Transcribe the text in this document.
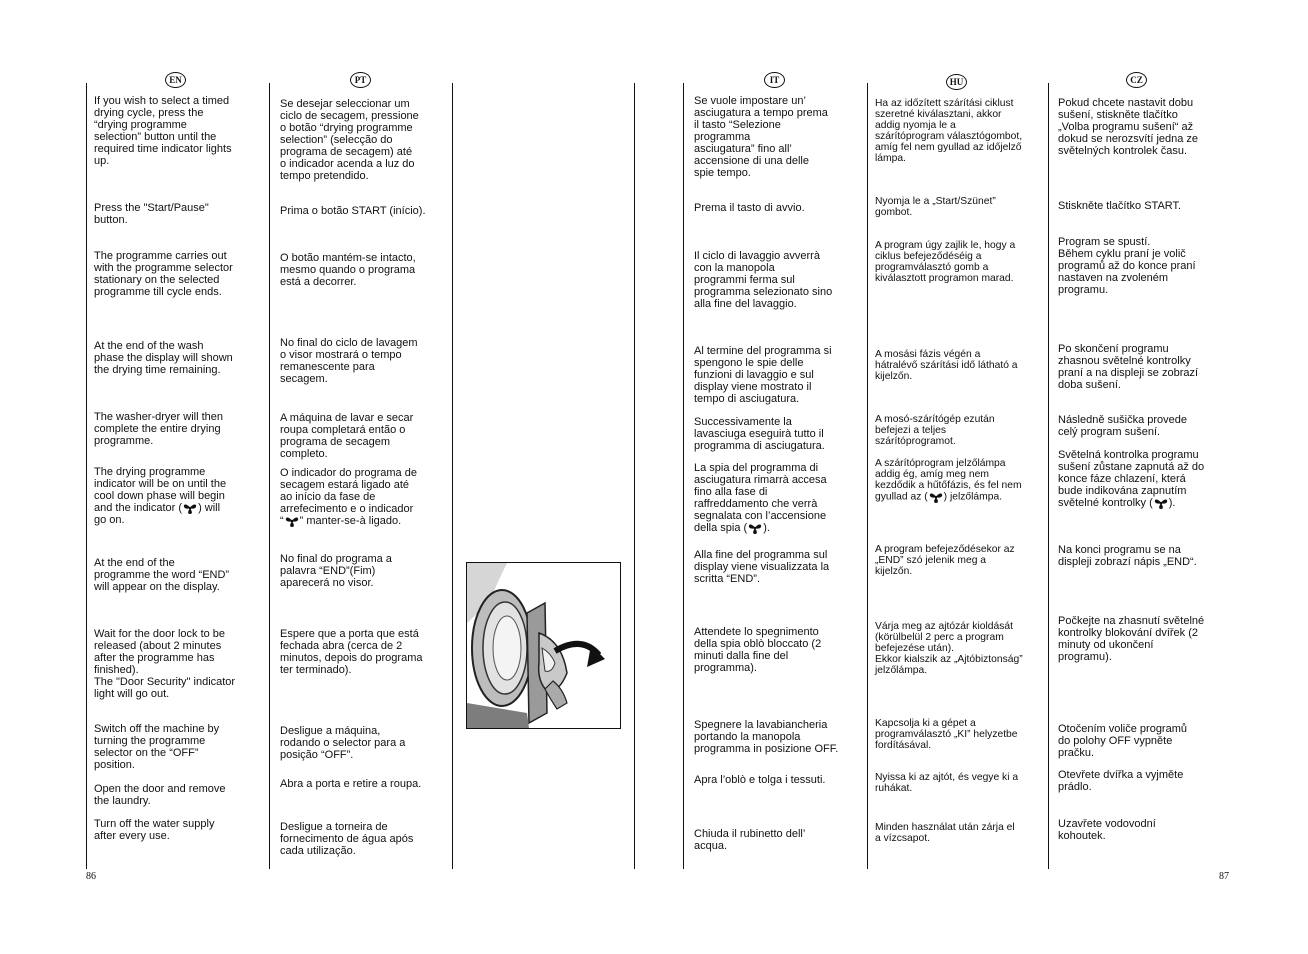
EN	PT	IT	HU	CZ

If you wish to select a timed
drying cycle, press the
“drying programme
selection” button until the
required time indicator lights
up.

Press the "Start/Pause"
button.

The programme carries out
with the programme selector
stationary on the selected
programme till cycle ends.

At the end of the wash
phase the display will shown
the drying time remaining.

The washer-dryer will then
complete the entire drying
programme.

The drying programme
indicator will be on until the
cool down phase will begin
and the indicator ( ) will
go on.

At the end of the
programme the word “END”
will appear on the display.

Wait for the door lock to be
released (about 2 minutes
after the programme has
finished).
The "Door Security" indicator
light will go out.

Switch off the machine by
turning the programme
selector on the “OFF”
position.

Open the door and remove
the laundry.

Turn off the water supply
after every use.

Se desejar seleccionar um
ciclo de secagem, pressione
o botão “drying programme
selection” (selecção do
programa de secagem) até
o indicador acenda a luz do
tempo pretendido.

Prima o botão START (início).

O botão mantém-se intacto,
mesmo quando o programa
está a decorrer.

No final do ciclo de lavagem
o visor mostrará o tempo
remanescente para
secagem.

A máquina de lavar e secar
roupa completará então o
programa de secagem
completo.

O indicador do programa de
secagem estará ligado até
ao início da fase de
arrefecimento e o indicador
“ ” manter-se-à ligado.

No final do programa a
palavra “END”(Fim)
aparecerá no visor.

Espere que a porta que está
fechada abra (cerca de 2
minutos, depois do programa
ter terminado).

Desligue a máquina,
rodando o selector para a
posição “OFF”.

Abra a porta e retire a roupa.

Desligue a torneira de
fornecimento de água após
cada utilização.

Se vuole impostare un’
asciugatura a tempo prema
il tasto “Selezione
programma
asciugatura” fino all’
accensione di una delle
spie tempo.

Prema il tasto di avvio.

Il ciclo di lavaggio avverrà
con la manopola
programmi ferma sul
programma selezionato sino
alla fine del lavaggio.

Al termine del programma si
spengono le spie delle
funzioni di lavaggio e sul
display viene mostrato il
tempo di asciugatura.

Successivamente la
lavasciuga eseguirà tutto il
programma di asciugatura.

La spia del programma di
asciugatura rimarrà accesa
fino alla fase di
raffreddamento che verrà
segnalata con l’accensione
della spia ( ).

Alla fine del programma sul
display viene visualizzata la
scritta “END”.

Attendete lo spegnimento
della spia oblò bloccato (2
minuti dalla fine del
programma).

Spegnere la lavabiancheria
portando la manopola
programma in posizione OFF.

Apra l’oblò e tolga i tessuti.

Chiuda il rubinetto dell’
acqua.

Ha az időzített szárítási ciklust
szeretné kiválasztani, akkor
addig nyomja le a
szárítóprogram választógombot,
amíg fel nem gyullad az időjelző
lámpa.

Nyomja le a „Start/Szünet”
gombot.

A program úgy zajlik le, hogy a
ciklus befejeződéséig a
programválasztó gomb a
kiválasztott programon marad.

A mosási fázis végén a
hátralévő szárítási idő látható a
kijelzőn.

A mosó-szárítógép ezután
befejezi a teljes
szárítóprogramot.

A szárítóprogram jelzőlámpa
addig ég, amíg meg nem
kezdődik a hűtőfázis, és fel nem
gyullad az ( ) jelzőlámpa.

A program befejeződésekor az
„END” szó jelenik meg a
kijelzőn.

Várja meg az ajtózár kioldását
(körülbelül 2 perc a program
befejezése után).
Ekkor kialszik az „Ajtóbiztonság”
jelzőlámpa.

Kapcsolja ki a gépet a
programválasztó „KI” helyzetbe
fordításával.

Nyissa ki az ajtót, és vegye ki a
ruhákat.

Minden használat után zárja el
a vízcsapot.

Pokud chcete nastavit dobu
sušení, stiskněte tlačítko
„Volba programu sušení“ až
dokud se nerozsvítí jedna ze
světelných kontrolek času.

Stiskněte tlačítko START.

Program se spustí.
Během cyklu praní je volič
programů až do konce praní
nastaven na zvoleném
programu.

Po skončení programu
zhasnou světelné kontrolky
praní a na displeji se zobrazí
doba sušení.

Následně sušička provede
celý program sušení.

Světelná kontrolka programu
sušení zůstane zapnutá až do
konce fáze chlazení, která
bude indikována zapnutím
světelné kontrolky ( ).

Na konci programu se na
displeji zobrazí nápis „END“.

Počkejte na zhasnutí světelné
kontrolky blokování dvířek (2
minuty od ukončení
programu).

Otočením voliče programů
do polohy OFF vypněte
pračku.

Otevřete dvířka a vyjměte
prádlo.

Uzavřete vodovodní
kohoutek.

86	87
